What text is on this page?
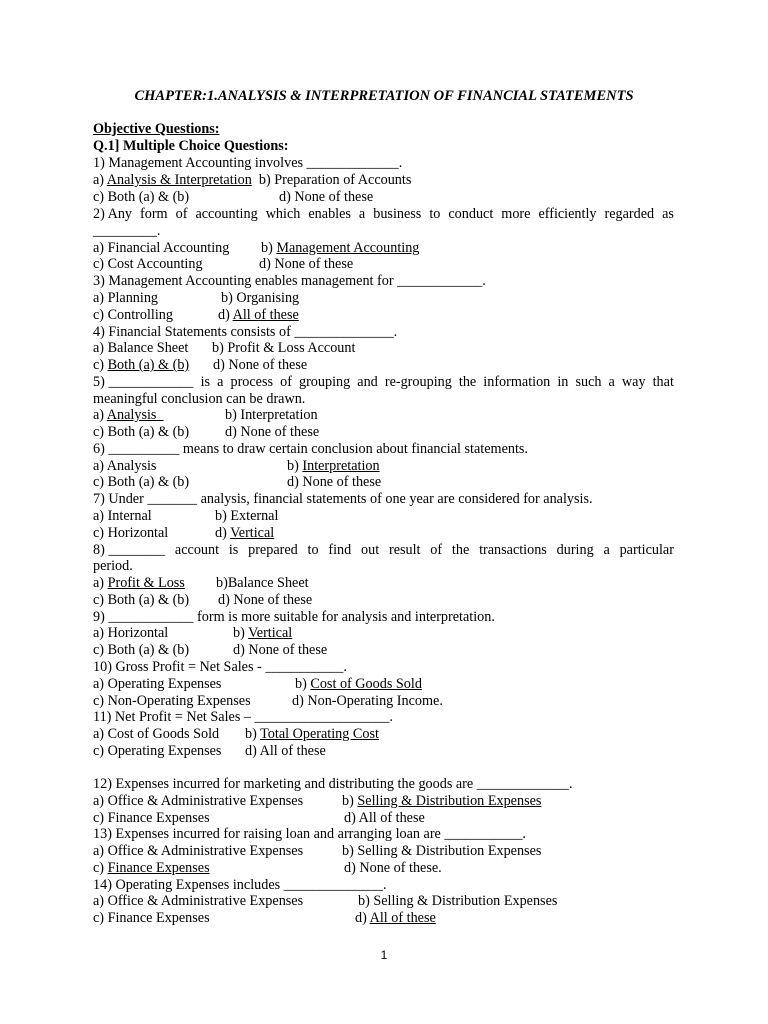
CHAPTER:1.ANALYSIS & INTERPRETATION OF FINANCIAL STATEMENTS
Objective Questions:
Q.1] Multiple Choice Questions:
1) Management Accounting involves _____________.
a) Analysis & Interpretation  b) Preparation of Accounts
c) Both (a) & (b)	d) None of these
2) Any form of accounting which enables a business to conduct more efficiently regarded as
_________.
a) Financial Accounting b) Management Accounting
c) Cost Accounting	d) None of these
3) Management Accounting enables management for ____________.
a) Planning	b) Organising
c) Controlling	d) All of these
4) Financial Statements consists of ______________.
a) Balance Sheet b) Profit & Loss Account
c) Both (a) & (b) d) None of these
5) ____________ is a process of grouping and re-grouping the information in such a way that
meaningful conclusion can be drawn.
a) Analysis	b) Interpretation
c) Both (a) & (b)	d) None of these
6) __________ means to draw certain conclusion about financial statements.
a) Analysis	b) Interpretation
c) Both (a) & (b)	d) None of these
7) Under _______ analysis, financial statements of one year are considered for analysis.
a) Internal	b) External
c) Horizontal	d) Vertical
8) ________ account is prepared to find out result of the transactions during a particular
period.
a) Profit & Loss b)Balance Sheet
c) Both (a) & (b) d) None of these
9) ____________ form is more suitable for analysis and interpretation.
a) Horizontal	b) Vertical
c) Both (a) & (b)	d) None of these
10) Gross Profit = Net Sales - ___________.
a) Operating Expenses	b) Cost of Goods Sold
c) Non-Operating Expenses	d) Non-Operating Income.
11) Net Profit = Net Sales – ___________________.
a) Cost of Goods Sold b) Total Operating Cost
c) Operating Expenses d) All of these
12) Expenses incurred for marketing and distributing the goods are _____________.
a) Office & Administrative Expenses	b) Selling & Distribution Expenses
c) Finance Expenses	d) All of these
13) Expenses incurred for raising loan and arranging loan are ___________.
a) Office & Administrative Expenses	b) Selling & Distribution Expenses
c) Finance Expenses	d) None of these.
14) Operating Expenses includes ______________.
a) Office & Administrative Expenses	b) Selling & Distribution Expenses
c) Finance Expenses	d) All of these
1
